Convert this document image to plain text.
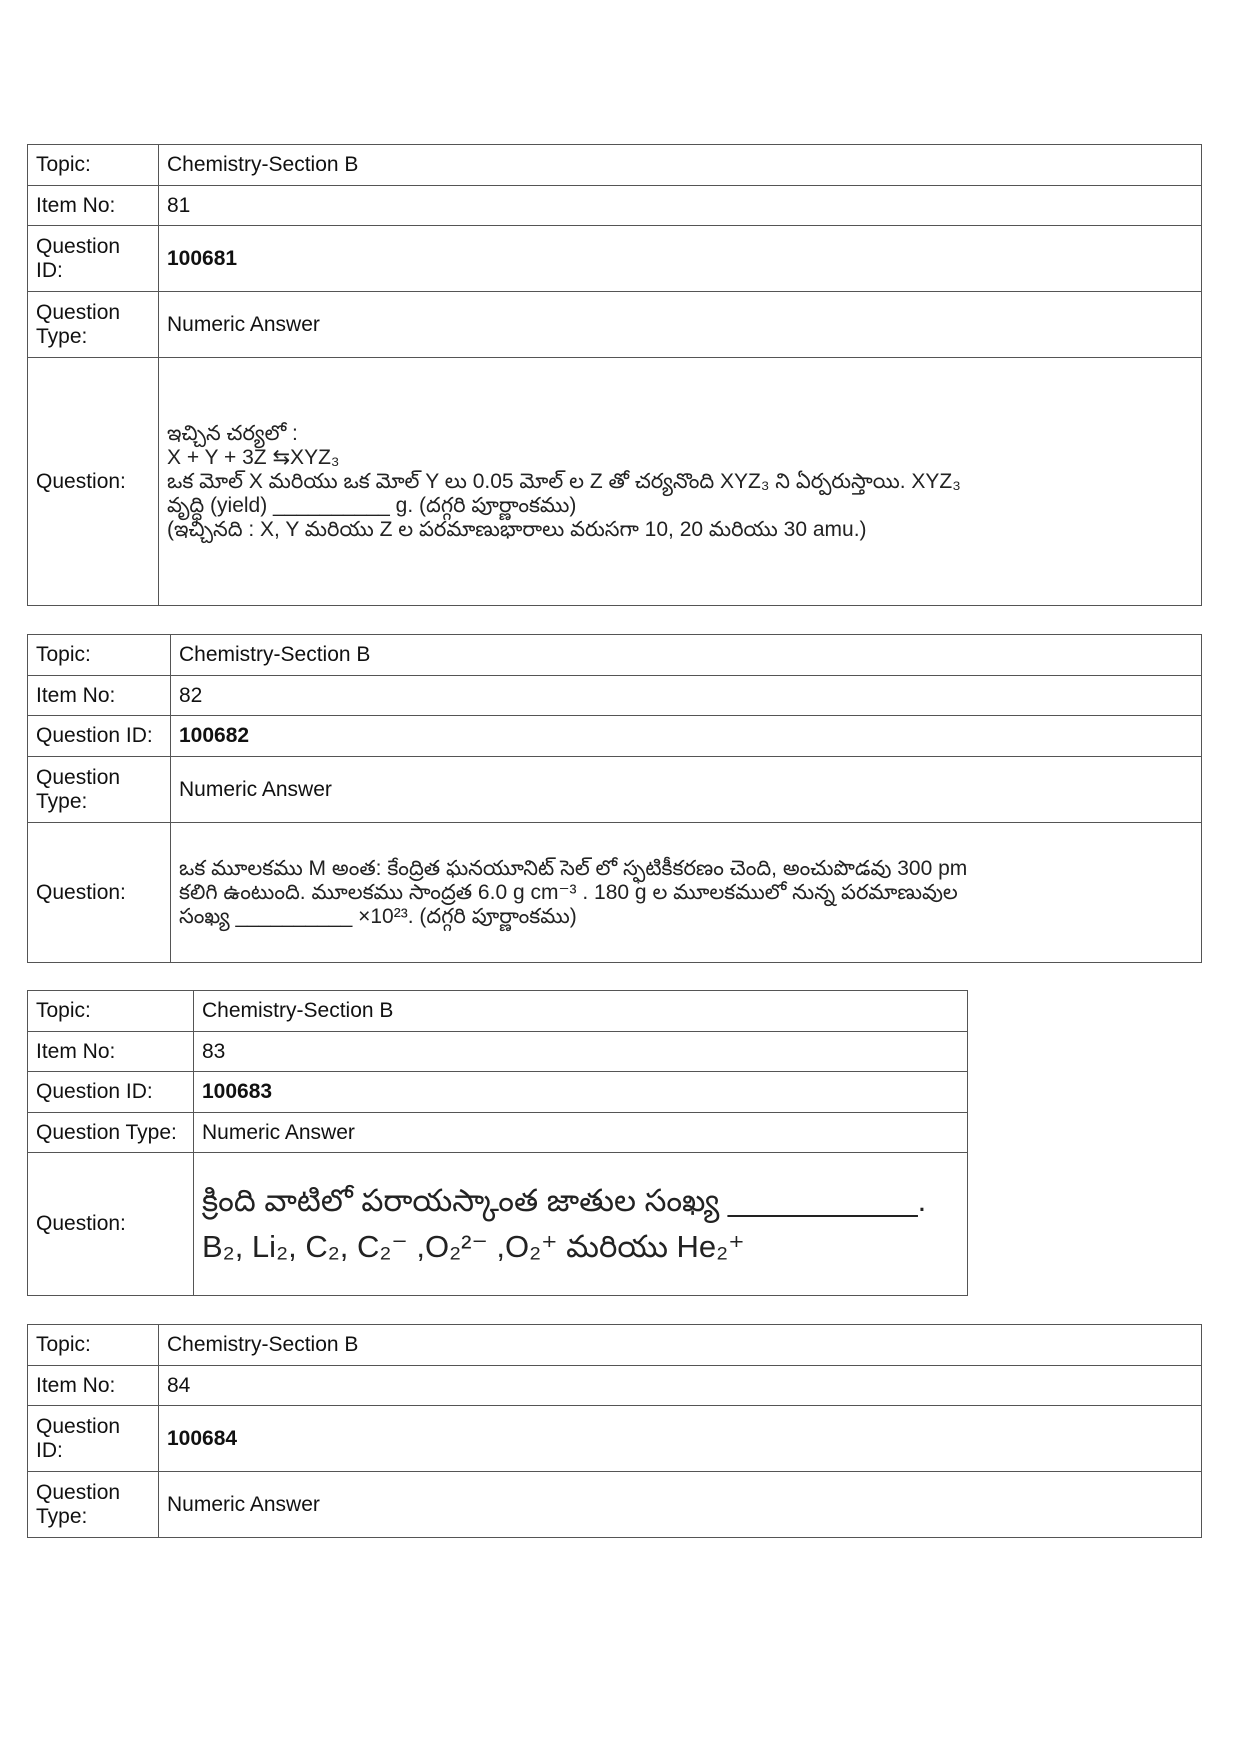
Topic:	Chemistry-Section B
Item No:	81
Question ID:	100681
Question Type:	Numeric Answer
Question:	ఇచ్చిన చర్యలో :

X + Y + 3Z ⇆XYZ₃

ఒక మోల్ X మరియు ఒక మోల్ Y లు 0.05 మోల్ ల Z తో చర్యనొంది XYZ₃ ని ఏర్పరుస్తాయి. XYZ₃

వృద్ధి (yield) __________ g. (దగ్గరి పూర్ణాంకము)

(ఇచ్చినది : X, Y మరియు Z ల పరమాణుభారాలు వరుసగా 10, 20 మరియు 30 amu.)

Topic:	Chemistry-Section B
Item No:	82
Question ID:	100682
Question Type:	Numeric Answer
Question:	ఒక మూలకము M అంత: కేంద్రిత ఘనయూనిట్ సెల్ లో స్ఫటికీకరణం చెంది, అంచుపొడవు 300 pm

కలిగి ఉంటుంది. మూలకము సాంద్రత 6.0 g cm⁻³ . 180 g ల మూలకములో నున్న పరమాణువుల

సంఖ్య __________ ×10²³. (దగ్గరి పూర్ణాంకము)

Topic:	Chemistry-Section B
Item No:	83
Question ID:	100683
Question Type:	Numeric Answer
Question:	క్రింది వాటిలో పరాయస్కాంత జాతుల సంఖ్య ___________.

B₂, Li₂, C₂, C₂⁻ ,O₂²⁻ ,O₂⁺ మరియు He₂⁺

Topic:	Chemistry-Section B
Item No:	84
Question ID:	100684
Question Type:	Numeric Answer
